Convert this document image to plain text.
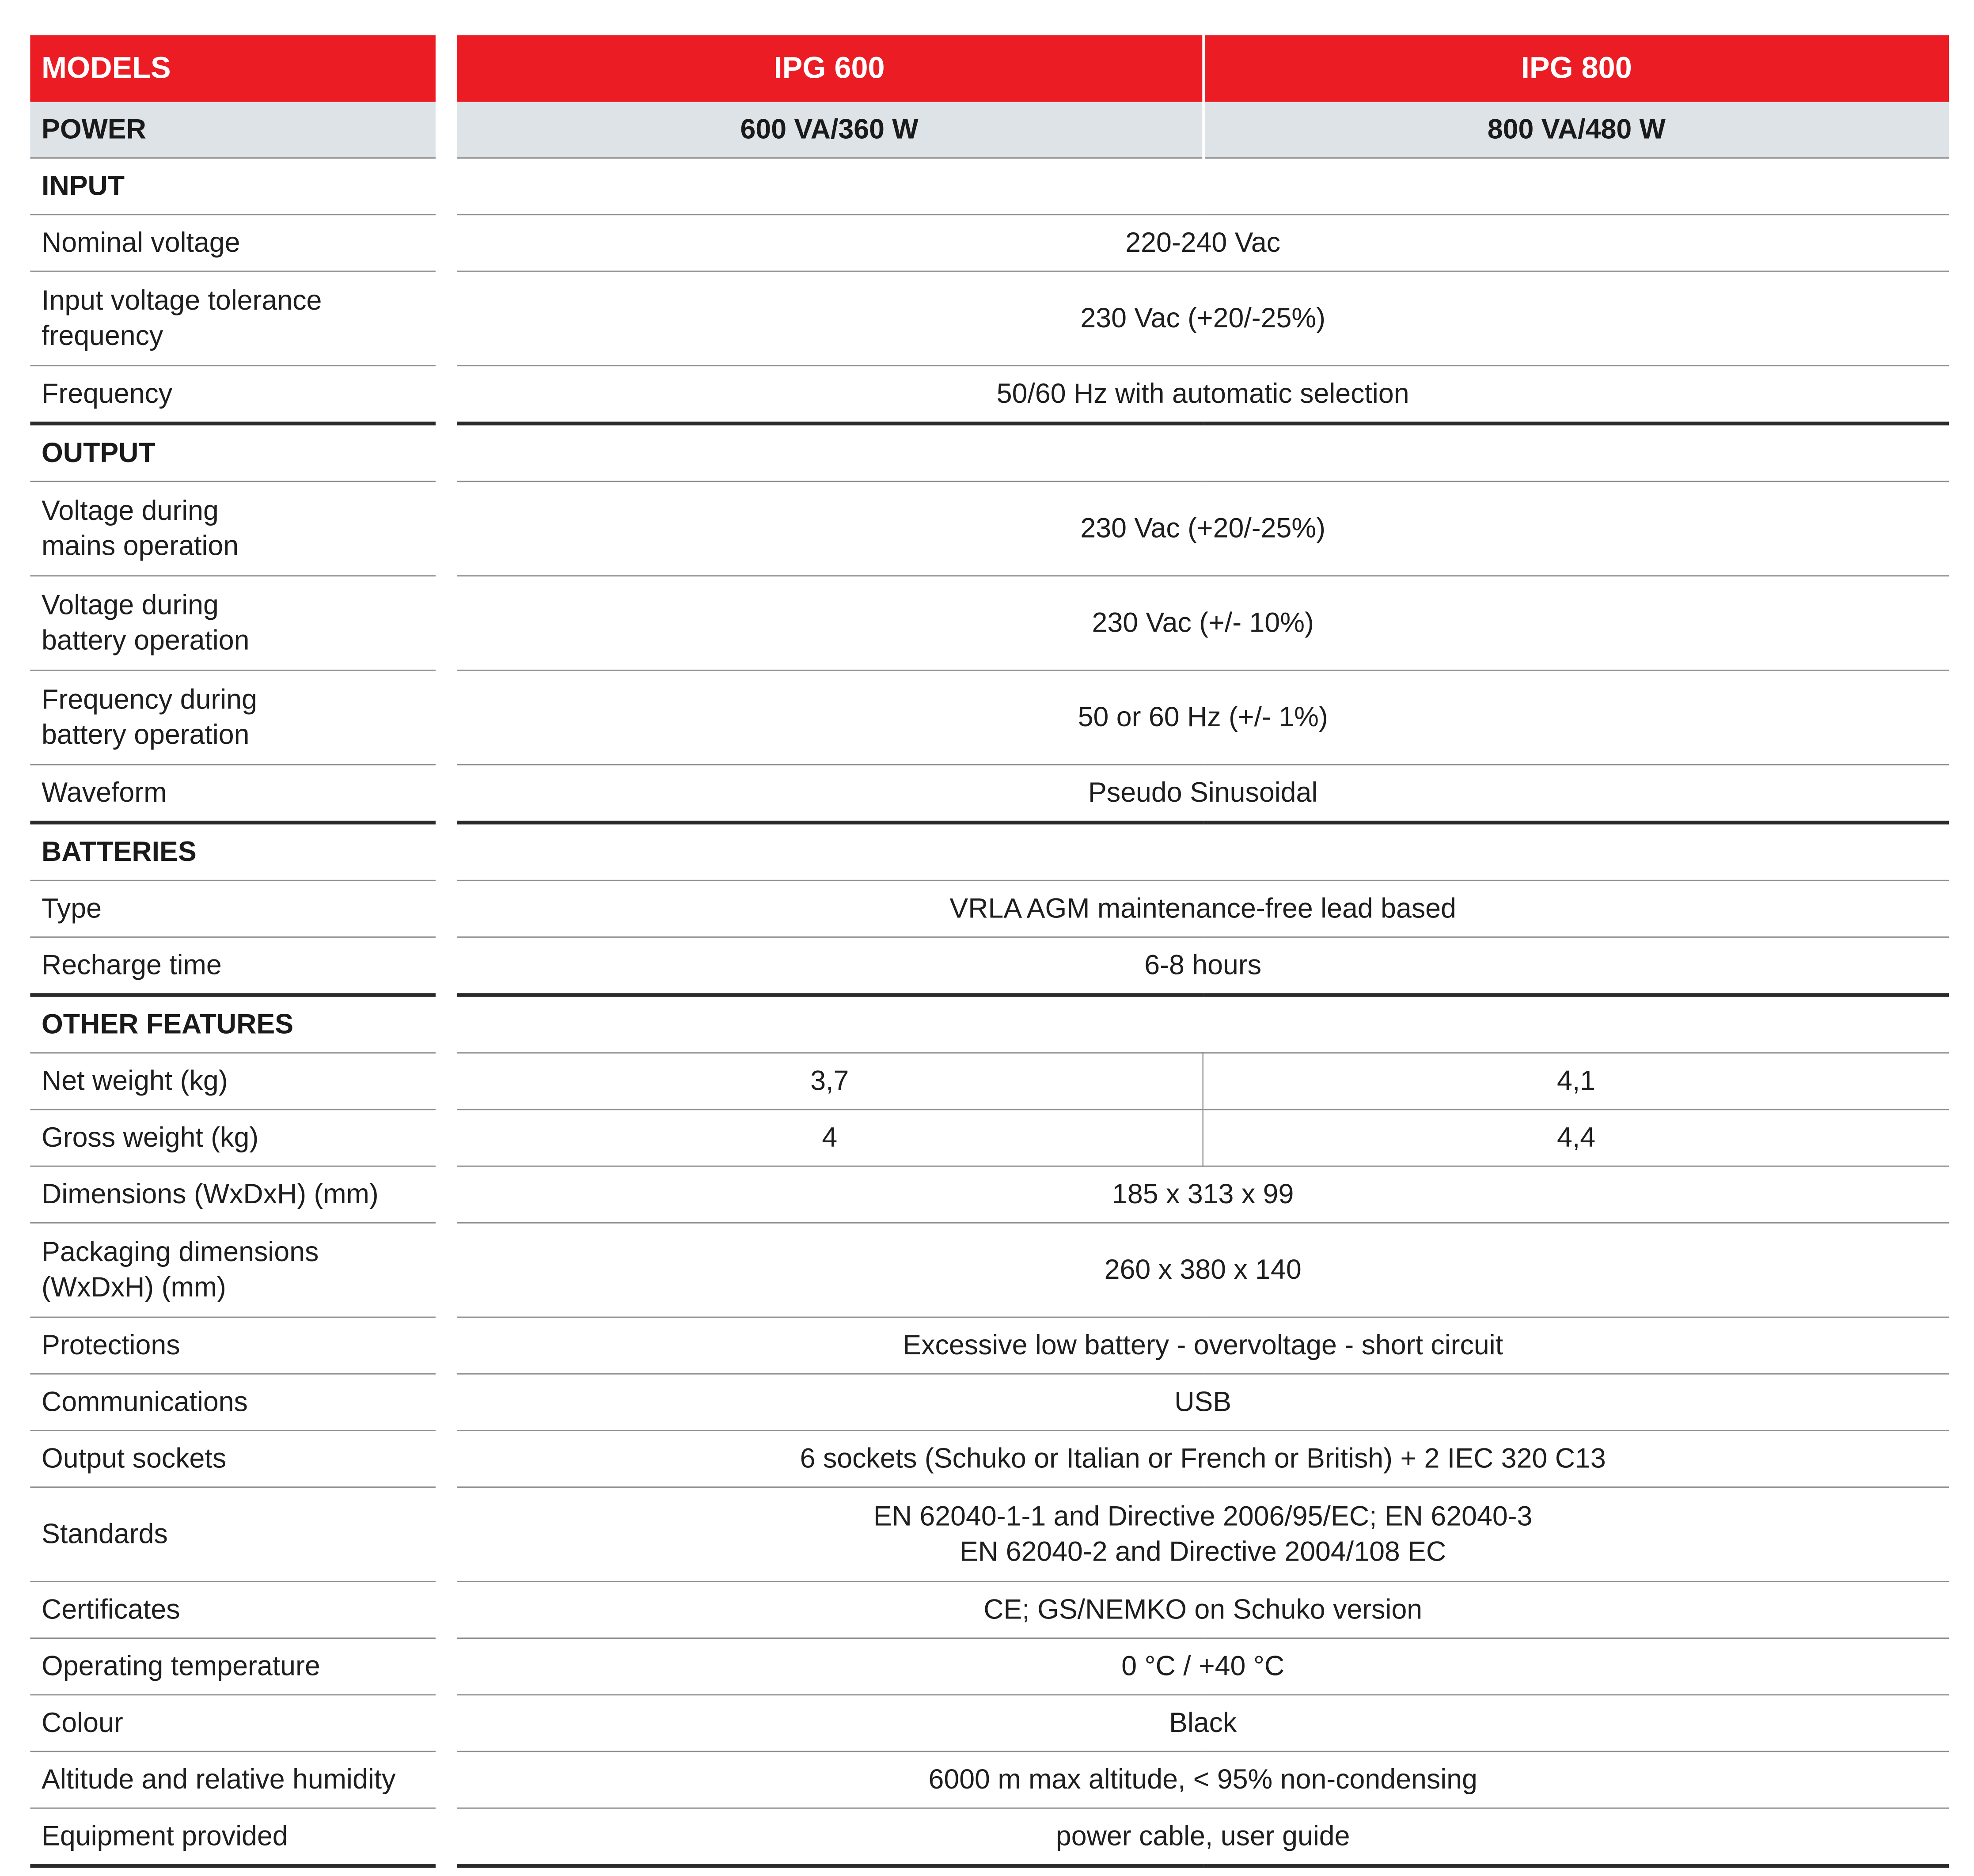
MODELS		IPG 600	IPG 800
POWER		600 VA/360 W	800 VA/480 W
INPUT			
Nominal voltage		220-240 Vac	

Input voltage tolerance
frequency		230 Vac (+20/-25%)	
Frequency		50/60 Hz with automatic selection	
OUTPUT			

Voltage during
mains operation		230 Vac (+20/-25%)	

Voltage during
battery operation		230 Vac (+/- 10%)	

Frequency during
battery operation		50 or 60 Hz (+/- 1%)	
Waveform		Pseudo Sinusoidal	
BATTERIES			
Type		VRLA AGM maintenance-free lead based	
Recharge time		6-8 hours	
OTHER FEATURES			
Net weight (kg)		3,7	4,1
Gross weight (kg)		4	4,4
Dimensions (WxDxH) (mm)		185 x 313 x 99	

Packaging dimensions
(WxDxH) (mm)		260 x 380 x 140	
Protections		Excessive low battery - overvoltage - short circuit	
Communications		USB	
Output sockets		6 sockets (Schuko or Italian or French or British) + 2 IEC 320 C13	
Standards		EN 62040-1-1 and Directive 2006/95/EC; EN 62040-3
EN 62040-2 and Directive 2004/108 EC	

Certificates		CE; GS/NEMKO on Schuko version	
Operating temperature		0 °C / +40 °C	
Colour		Black	
Altitude and relative humidity		6000 m max altitude, < 95% non-condensing	
Equipment provided		power cable, user guide	
